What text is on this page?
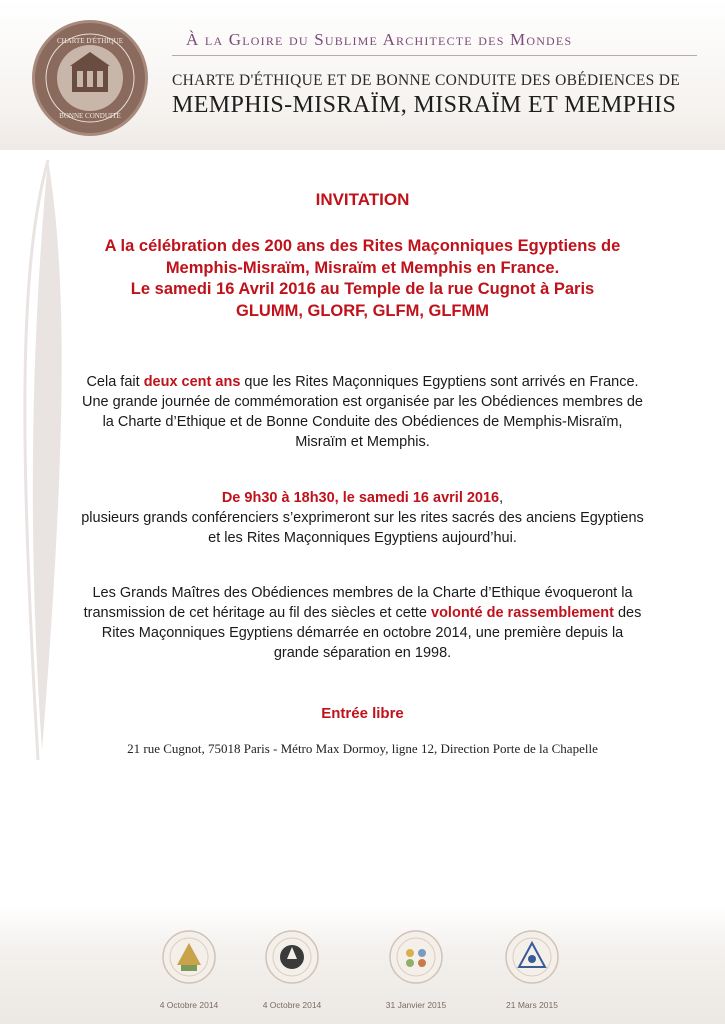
CHARTE D'ÉTHIQUE
BONNE CONDUITE
À la Gloire du Sublime Architecte des Mondes
CHARTE D'ÉTHIQUE ET DE BONNE CONDUITE DES OBÉDIENCES DE
MEMPHIS-MISRAÏM, MISRAÏM ET MEMPHIS
INVITATION
A la célébration des 200 ans des Rites Maçonniques Egyptiens de
Memphis-Misraïm, Misraïm et Memphis en France.
Le samedi 16 Avril 2016 au Temple de la rue Cugnot à Paris
GLUMM, GLORF, GLFM, GLFMM
Cela fait deux cent ans que les Rites Maçonniques Egyptiens sont arrivés en France.
Une grande journée de commémoration est organisée par les Obédiences membres de
la Charte d’Ethique et de Bonne Conduite des Obédiences de Memphis-Misraïm,
Misraïm et Memphis.
De 9h30 à 18h30, le samedi 16 avril 2016,
plusieurs grands conférenciers s’exprimeront sur les rites sacrés des anciens Egyptiens
et les Rites Maçonniques Egyptiens aujourd’hui.
Les Grands Maîtres des Obédiences membres de la Charte d’Ethique évoqueront la
transmission de cet héritage au fil des siècles et cette volonté de rassemblement des
Rites Maçonniques Egyptiens démarrée en octobre 2014, une première depuis la
grande séparation en 1998.
Entrée libre
21 rue Cugnot, 75018 Paris - Métro Max Dormoy, ligne 12, Direction Porte de la Chapelle
4 Octobre 2014	4 Octobre 2014	31 Janvier 2015	21 Mars 2015
